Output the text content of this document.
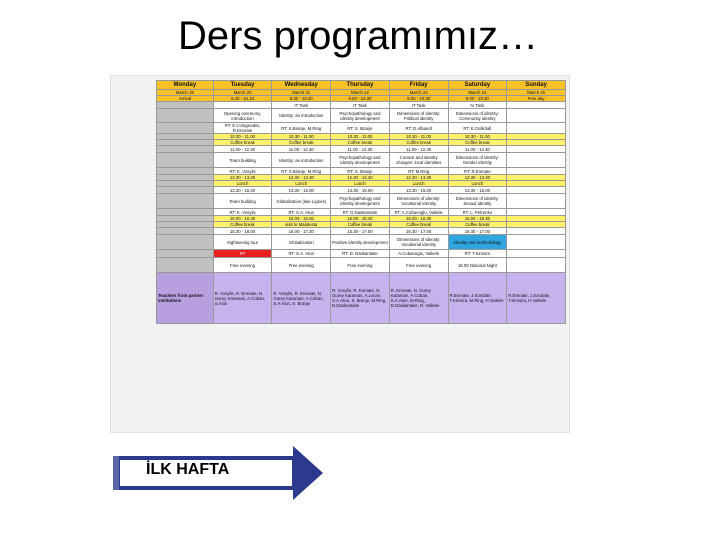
Ders programımız…
Monday	Tuesday	Wednesday	Thursday	Friday	Saturday	Sunday
March 19	March 20	March 21	March 22	March 23	March 24	March 25
Arrival	6.40 - 10.10	9.30 - 10.30	9.00 - 10.30	9.00 - 10.30	9.00 - 10.30	Free day
		IT Task	IT Task	IT Task	IV Task	
	Opening ceremony, introduction	Identity: an introduction	Psychopathology and identity development	Dimensions of identity: Political identity	Dimensions of identity: Community identity	
	RT: E.Cologerakis, R.Erenate	RT: S.Branje, M.Ring	RT: S. Branje	RT: D.Albarell	RT: E.Celikhall	
	10.30 - 11.00	10.30 - 11.00	10.30 - 11.00	10.30 - 11.00	10.30 - 11.00	
	Coffee break	Coffee break	Coffee break	Coffee break	Coffee break	
	11.00 - 12.30	11.00 - 12.30	11.00 - 12.30	11.00 - 12.30	11.00 - 12.30	
	Team building	Identity: an introduction	Psychopathology and identity development	Context and identity changes: local identities	Dimensions of identity: Gender identity	
	RT: K. Vosylis	RT: S.Branje, M.Ring	RT: S. Branje	RT: M.Ring	RT: R.Erenate	
	12.30 - 13.30	12.30 - 13.30	12.30 - 13.30	12.30 - 13.30	12.30 - 13.30	
	Lunch	Lunch	Lunch	Lunch	Lunch	
	13.30 - 15.00	13.30 - 15.00	13.30 - 15.00	13.30 - 15.00	13.30 - 15.00	
	Team building	Globalization (late Lignes)	Psychopathology and identity development	Dimensions of identity: Vocational identity	Dimensions of identity: Sexual identity	
	RT: K. Vosylis	RT: S.A. Atun	RT: D.Daskantaite	RT: A.Cobanoglu, Vaikele	RT: L. Petrenko	
	15.00 - 15.30	15.00 - 16.00	15.00 - 15.30	15.00 - 15.30	15.00 - 15.30	
	Coffee break	visit to Malatesta	Coffee break	Coffee break	Coffee break	
	15.30 - 18.00	16.00 - 17.30	15.30 - 17.00	15.30 - 17.00	15.30 - 17.00	
	Sightseeing tour	Globalization	Positive identity development	Dimensions of identity: Vocational identity	Identity and methodology	
	RT	RT: S.A. Atun	RT: D. Daskantaite	A.Cobanoglu, Vaikele	RT: T.Kimsira	
	Free evening	Free evening	Free evening	Free evening	18.00 National Night	
Teachers from partner institutions	R. Vosylis, R. Erenate, N. Gurey Karaman, A.Coban, S.Alun	R. Vosylis, R. Erenate, N. Gurey Karaman, A.Coban, S.A Atun, S. Branje	R. Vosylis, R. Erenate, N. Gurey Karaman, A.Locan, S.A.Atun, S. Branje, M.Ring, D.Daskantaite	R. Erenate, N. Gurey Karaman, A.Coban, S.A.Atun, M.Ring, D.Daskantaite, R. Vaikele	R.Erenate, J.Sondate, T.Kimsira, M.Ring, H.Vaikele	R.Erenate, J.Sondate, T.Kimsira, H.Vaikele
İLK HAFTA
